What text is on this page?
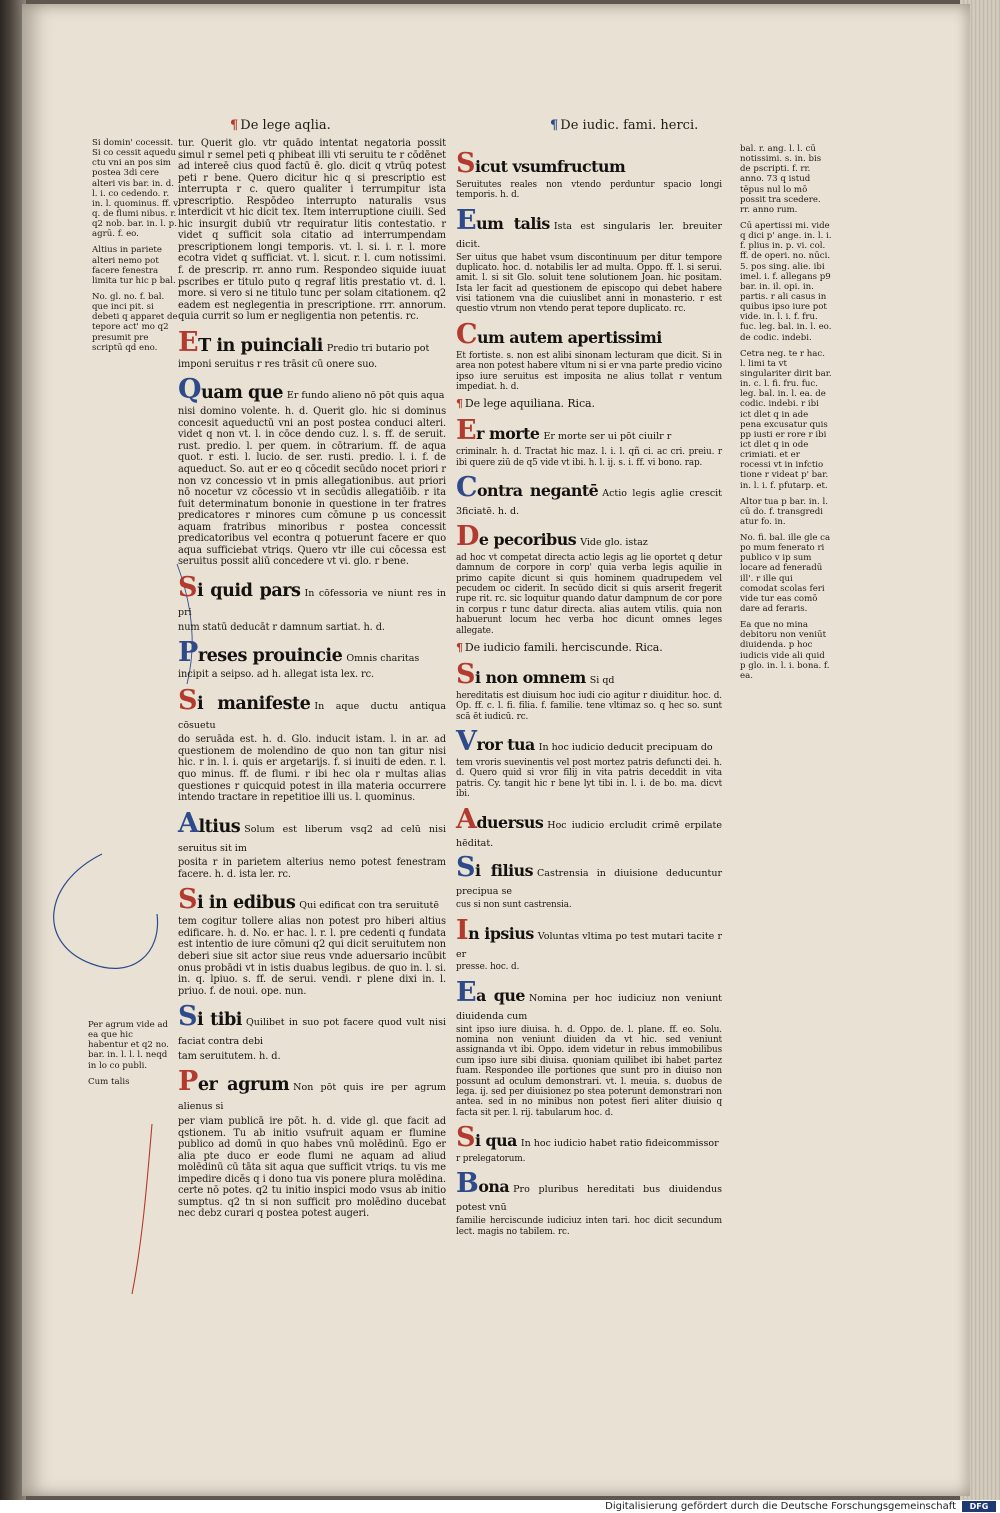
¶ De lege aqlia.	¶ De iudic. fami. herci.
Si domin' cocessit. Si co cessit aquedu ctu vni an pos sim postea 3di cere alteri vis bar. in. d. l. i. co cedendo. r. in. l. quominus. ff. v. q. de flumi nibus. r. q2 nob. bar. in. l. p. agrū. f. eo.
Altius in pariete alteri nemo pot facere fenestra limita tur hic p bal.
No. gl. no. f. bal. que inci pit. si debeti q apparet de tepore act' mo q2 presumit pre scriptū qd eno.
Per agrum vide ad ea que hic habentur et q2 no. bar. in. l. l. l. neqd in lo co publi.
Cum talis
bal. r. ang. l. l. cū notissimi. s. in. bis de pscripti. f. rr. anno. 73 q istud tēpus nul lo mō possit tra scedere. rr. anno rum.
Cū apertissi mi. vide q dici p' ange. in. l. i. f. plius in. p. vi. col. ff. de operi. no. nūci. 5. pos sing. alie. ibi imel. i. f. allegans p9 bar. in. il. opi. in. partis. r ali casus in quibus ipso iure pot vide. in. l. i. f. fru. fuc. leg. bal. in. l. eo. de codic. indebi.
Cetra neg. te r hac. l. limi ta vt singulariter dirit bar. in. c. l. fi. fru. fuc. leg. bal. in. l. ea. de codic. indebi. r ibi ict dlet q in ade pena excusatur quis pp iusti er rore r ibi ict dlet q in ode crimiati. et er rocessi vt in infctio tione r videat p' bar. in. l. i. f. pfutarp. et.
Altor tua p bar. in. l. cū do. f. transgredi atur fo. in.
No. fi. bal. ille gle ca po mum fenerato ri publico v ip sum locare ad feneradū ill'. r ille qui comodat scolas feri vide tur eas comō dare ad feraris.
Ea que no mina debitoru non veniūt diuidenda. p hoc iudicis vide ali quid p glo. in. l. i. bona. f. ea.
tur. Querit glo. vtr quādo intentat negatoria possit simul r semel peti q phibeat illi vti seruitu te r cōdēnet ad intereē cius quod factū ē. glo. dicit q vtrūq potest peti r bene. Quero dicitur hic q si prescriptio est interrupta r c. quero qualiter i terrumpitur ista prescriptio. Respōdeo interrupto naturalis vsus interdicit vt hic dicit tex. Item interruptione ciuili. Sed hic insurgit dubiū vtr requiratur litis contestatio. r videt q sufficit sola citatio ad interrumpendam prescriptionem longi temporis. vt. l. si. i. r. l. more ecotra videt q sufficiat. vt. l. sicut. r. l. cum notissimi. f. de prescrip. rr. anno rum. Respondeo siquide iuuat pscribes er titulo puto q regraf litis prestatio vt. d. l. more. si vero si ne titulo tunc per solam citationem. q2 eadem est neglegentia in prescriptione. rrr. annorum. quia currit so lum er negligentia non petentis. rc.
ET in puinciali Predio tri butario pot
imponi seruitus r res trāsit cū onere suo.
Quam que Er fundo alieno nō pōt quis aqua
nisi domino volente. h. d. Querit glo. hic si dominus concesit aqueductū vni an post postea conduci alteri. videt q non vt. l. in cōce dendo cuz. l. s. ff. de seruit. rust. predio. l. per quem. in cōtrarium. ff. de aqua quot. r esti. l. lucio. de ser. rusti. predio. l. i. f. de aqueduct. So. aut er eo q cōcedit secūdo nocet priori r non vz concessio vt in pmis allegationibus. aut priori nō nocetur vz cōcessio vt in secūdis allegatiōib. r ita fuit determinatum bononie in questione in ter fratres predicatores r minores cum cōmune p us concessit aquam fratribus minoribus r postea concessit predicatoribus vel econtra q potuerunt facere er quo aqua sufficiebat vtriqs. Quero vtr ille cui cōcessa est seruitus possit aliū concedere vt vi. glo. r bene.
Si quid pars In cōfessoria ve niunt res in pri
num statū deducāt r damnum sartiat. h. d.
Preses prouincie Omnis charitas
incipit a seipso. ad h. allegat ista lex. rc.
Si manifeste In aque ductu antiqua cōsuetu
do seruāda est. h. d. Glo. inducit istam. l. in ar. ad questionem de molendino de quo non tan gitur nisi hic. r in. l. i. quis er argetarijs. f. si inuiti de eden. r. l. quo minus. ff. de flumi. r ibi hec ola r multas alias questiones r quicquid potest in illa materia occurrere intendo tractare in repetitioe illi us. l. quominus.
Altius Solum est liberum vsq2 ad celū nisi seruitus sit im
posita r in parietem alterius nemo potest fenestram facere. h. d. ista ler. rc.
Si in edibus Qui edificat con tra seruitutē
tem cogitur tollere alias non potest pro hiberi altius edificare. h. d. No. er hac. l. r. l. pre cedenti q fundata est intentio de iure cōmuni q2 qui dicit seruitutem non deberi siue sit actor siue reus vnde aduersario incūbit onus probādi vt in istis duabus legibus. de quo in. l. si. in. q. lpiuo. s. ff. de serui. vendi. r plene dixi in. l. priuo. f. de noui. ope. nun.
Si tibi Quilibet in suo pot facere quod vult nisi faciat contra debi
tam seruitutem. h. d.
Per agrum Non pōt quis ire per agrum alienus si
per viam publicā ire pōt. h. d. vide gl. que facit ad qstionem. Tu ab initio vsufruit aquam er flumine publico ad domū in quo habes vnū molēdinū. Ego er alia pte duco er eode flumi ne aquam ad aliud molēdinū cū tāta sit aqua que sufficit vtriqs. tu vis me impedire dicēs q i dono tua vis ponere plura molēdina. certe nō potes. q2 tu initio inspici modo vsus ab initio sumptus. q2 tn si non sufficit pro molēdino ducebat nec debz curari q postea potest augeri.
Sicut vsumfructum
Seruitutes reales non vtendo perduntur spacio longi temporis. h. d.
Eum talis Ista est singularis ler. breuiter dicit.
Ser uitus que habet vsum discontinuum per ditur tempore duplicato. hoc. d. notabilis ler ad multa. Oppo. ff. l. si serui. amit. l. si sit Glo. soluit tene solutionem Joan. hic positam. Ista ler facit ad questionem de episcopo qui debet habere visi tationem vna die cuiuslibet anni in monasterio. r est questio vtrum non vtendo perat tepore duplicato. rc.
Cum autem apertissimi
Et fortiste. s. non est alibi sinonam lecturam que dicit. Si in area non potest habere vltum ni si er vna parte predio vicino ipso iure seruitus est imposita ne alius tollat r ventum impediat. h. d.
¶ De lege aquiliana. Rica.
Er morte Er morte ser ui pōt ciuilr r
criminalr. h. d. Tractat hic maz. l. i. l. qñ ci. ac cri. preiu. r ibi quere ziū de q5 vide vt ibi. h. l. ij. s. i. ff. vi bono. rap.
Contra negantē Actio legis aglie crescit 3ficiatē. h. d.
De pecoribus Vide glo. istaz
ad hoc vt competat directa actio legis ag lie oportet q detur damnum de corpore in corp' quia verba legis aquilie in primo capite dicunt si quis hominem quadrupedem vel pecudem oc ciderit. In secūdo dicit si quis arserit fregerit rupe rit. rc. sic loquitur quando datur dampnum de cor pore in corpus r tunc datur directa. alias autem vtilis. quia non habuerunt locum hec verba hoc dicunt omnes leges allegate.
¶ De iudicio famili. herciscunde. Rica.
Si non omnem Si qd
hereditatis est diuisum hoc iudi cio agitur r diuiditur. hoc. d. Op. ff. c. l. fi. filia. f. familie. tene vltimaz so. q hec so. sunt scā ēt iudicū. rc.
Vror tua In hoc iudicio deducit precipuam do
tem vroris suevinentis vel post mortez patris defuncti dei. h. d. Quero quid si vror filij in vita patris deceddit in vita patris. Cy. tangit hic r bene lyt tibi in. l. i. de bo. ma. dicvt ibi.
Aduersus Hoc iudicio ercludit crimē erpilate hēditat.
Si filius Castrensia in diuisione deducuntur precipua se
cus si non sunt castrensia.
In ipsius Voluntas vltima po test mutari tacite r er
presse. hoc. d.
Ea que Nomina per hoc iudiciuz non veniunt diuidenda cum
sint ipso iure diuisa. h. d. Oppo. de. l. plane. ff. eo. Solu. nomina non veniunt diuiden da vt hic. sed veniunt assignanda vt ibi. Oppo. idem videtur in rebus immobilibus cum ipso iure sibi diuisa. quoniam quilibet ibi habet partez fuam. Respondeo ille portiones que sunt pro in diuiso non possunt ad oculum demonstrari. vt. l. meuia. s. duobus de lega. ij. sed per diuisionez po stea poterunt demonstrari non antea. sed in no minibus non potest fieri aliter diuisio q facta sit per. l. rij. tabularum hoc. d.
Si qua In hoc iudicio habet ratio fideicommissor
r prelegatorum.
Bona Pro pluribus hereditati bus diuidendus potest vnū
familie herciscunde iudiciuz inten tari. hoc dicit secundum lect. magis no tabilem. rc.
Digitalisierung gefördert durch die Deutsche Forschungsgemeinschaft	DFG
